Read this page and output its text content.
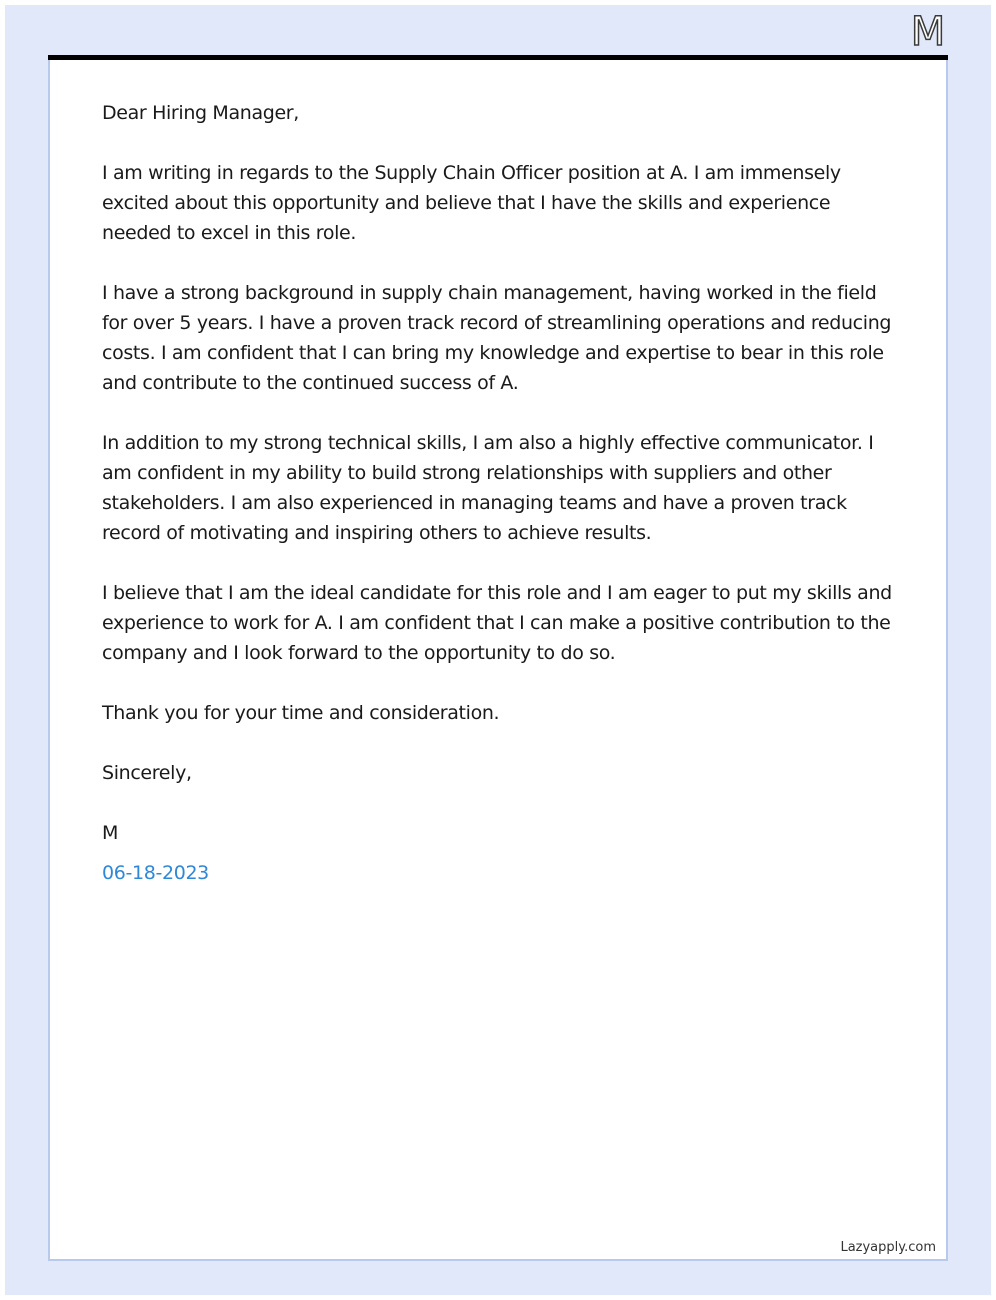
M

Dear Hiring Manager,

I am writing in regards to the Supply Chain Officer position at A. I am immensely excited about this opportunity and believe that I have the skills and experience needed to excel in this role.

I have a strong background in supply chain management, having worked in the field for over 5 years. I have a proven track record of streamlining operations and reducing costs. I am confident that I can bring my knowledge and expertise to bear in this role and contribute to the continued success of A.

In addition to my strong technical skills, I am also a highly effective communicator. I am confident in my ability to build strong relationships with suppliers and other stakeholders. I am also experienced in managing teams and have a proven track record of motivating and inspiring others to achieve results.

I believe that I am the ideal candidate for this role and I am eager to put my skills and experience to work for A. I am confident that I can make a positive contribution to the company and I look forward to the opportunity to do so.

Thank you for your time and consideration.

Sincerely,

M

06-18-2023

Lazyapply.com
